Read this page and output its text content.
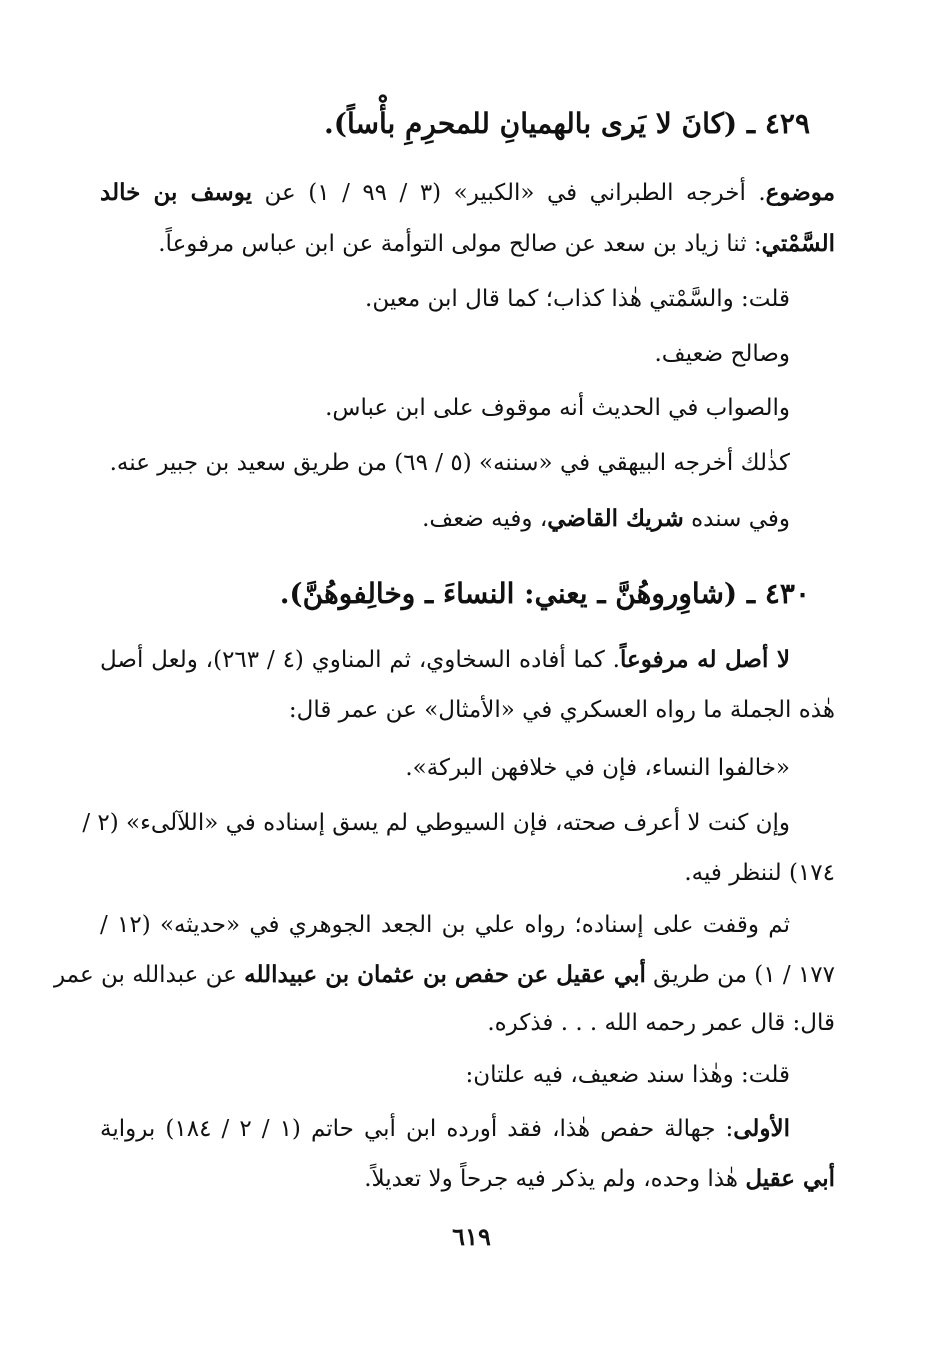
٤٢٩ ـ (كانَ لا يَرى بالهميانِ للمحرِمِ بأْساً).
موضوع. أخرجه الطبراني في «الكبير» (٣ / ٩٩ / ١) عن يوسف بن خالد
السَّمْتي: ثنا زياد بن سعد عن صالح مولى التوأمة عن ابن عباس مرفوعاً.
قلت: والسَّمْتي هٰذا كذاب؛ كما قال ابن معين.
وصالح ضعيف.
والصواب في الحديث أنه موقوف على ابن عباس.
كذٰلك أخرجه البيهقي في «سننه» (٥ / ٦٩) من طريق سعيد بن جبير عنه.
وفي سنده شريك القاضي، وفيه ضعف.
٤٣٠ ـ (شاوِروهُنَّ ـ يعني: النساءَ ـ وخالِفوهُنَّ).
لا أصل له مرفوعاً. كما أفاده السخاوي، ثم المناوي (٤ / ٢٦٣)، ولعل أصل
هٰذه الجملة ما رواه العسكري في «الأمثال» عن عمر قال:
«خالفوا النساء، فإن في خلافهن البركة».
وإن كنت لا أعرف صحته، فإن السيوطي لم يسق إسناده في «اللآلىء» (٢ /
١٧٤) لننظر فيه.
ثم وقفت على إسناده؛ رواه علي بن الجعد الجوهري في «حديثه» (١٢ /
١٧٧ / ١) من طريق أبي عقيل عن حفص بن عثمان بن عبيدالله عن عبدالله بن عمر
قال: قال عمر رحمه الله . . . فذكره.
قلت: وهٰذا سند ضعيف، فيه علتان:
الأولى: جهالة حفص هٰذا، فقد أورده ابن أبي حاتم (١ / ٢ / ١٨٤) برواية
أبي عقيل هٰذا وحده، ولم يذكر فيه جرحاً ولا تعديلاً.
٦١٩
